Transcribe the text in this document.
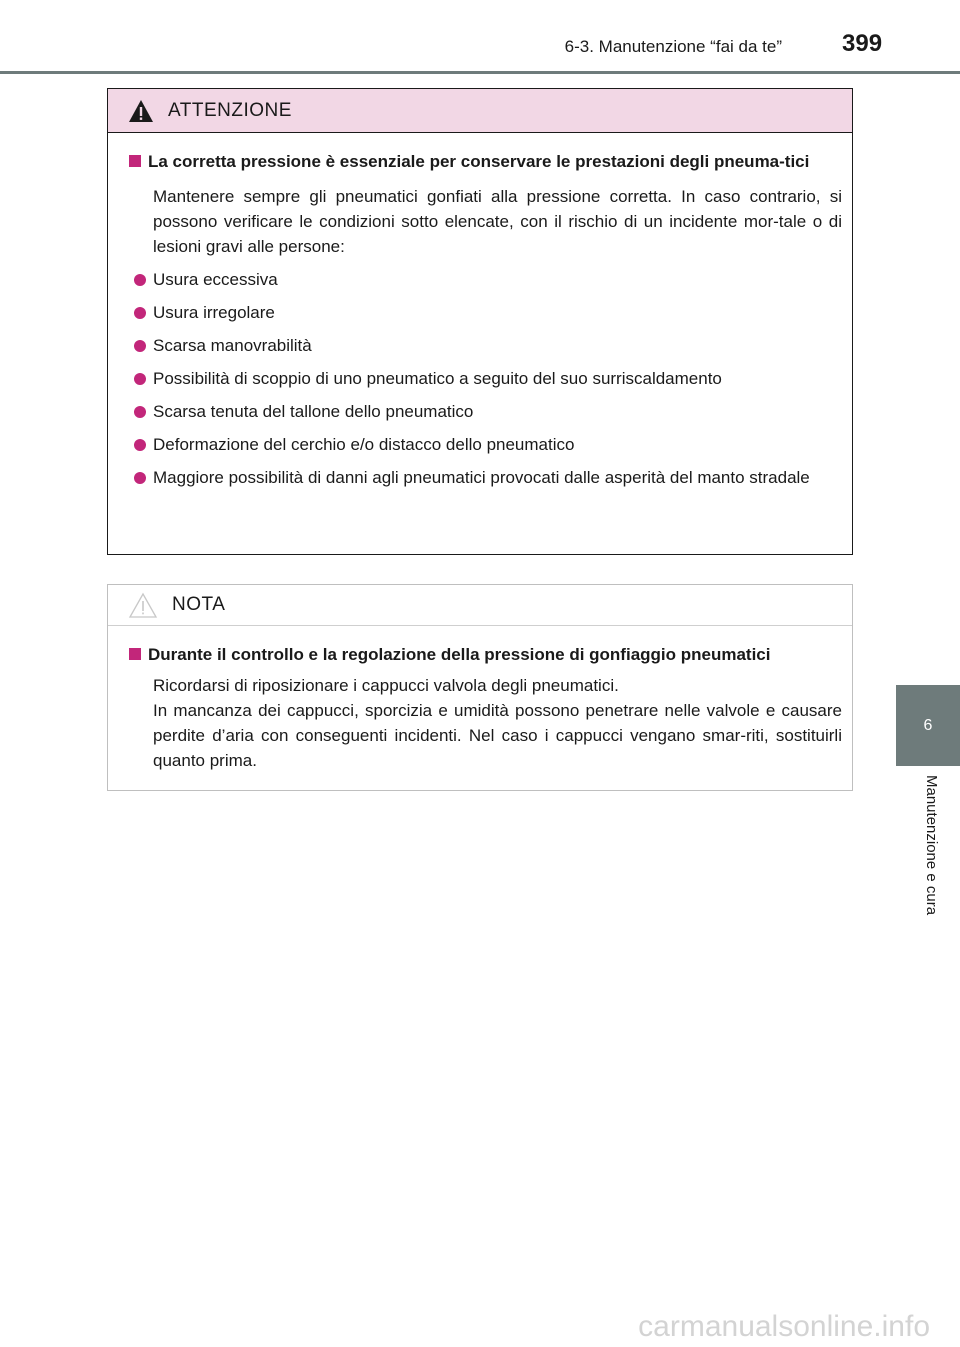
6-3. Manutenzione “fai da te”	399
6
Manutenzione e cura
ATTENZIONE
La corretta pressione è essenziale per conservare le prestazioni degli pneuma-tici
Mantenere sempre gli pneumatici gonfiati alla pressione corretta. In caso contrario, si possono verificare le condizioni sotto elencate, con il rischio di un incidente mor-tale o di lesioni gravi alle persone:
Usura eccessiva
Usura irregolare
Scarsa manovrabilità
Possibilità di scoppio di uno pneumatico a seguito del suo surriscaldamento
Scarsa tenuta del tallone dello pneumatico
Deformazione del cerchio e/o distacco dello pneumatico
Maggiore possibilità di danni agli pneumatici provocati dalle asperità del manto stradale
NOTA
Durante il controllo e la regolazione della pressione di gonfiaggio pneumatici
Ricordarsi di riposizionare i cappucci valvola degli pneumatici.
In mancanza dei cappucci, sporcizia e umidità possono penetrare nelle valvole e causare perdite d’aria con conseguenti incidenti. Nel caso i cappucci vengano smar-riti, sostituirli quanto prima.
carmanualsonline.info
